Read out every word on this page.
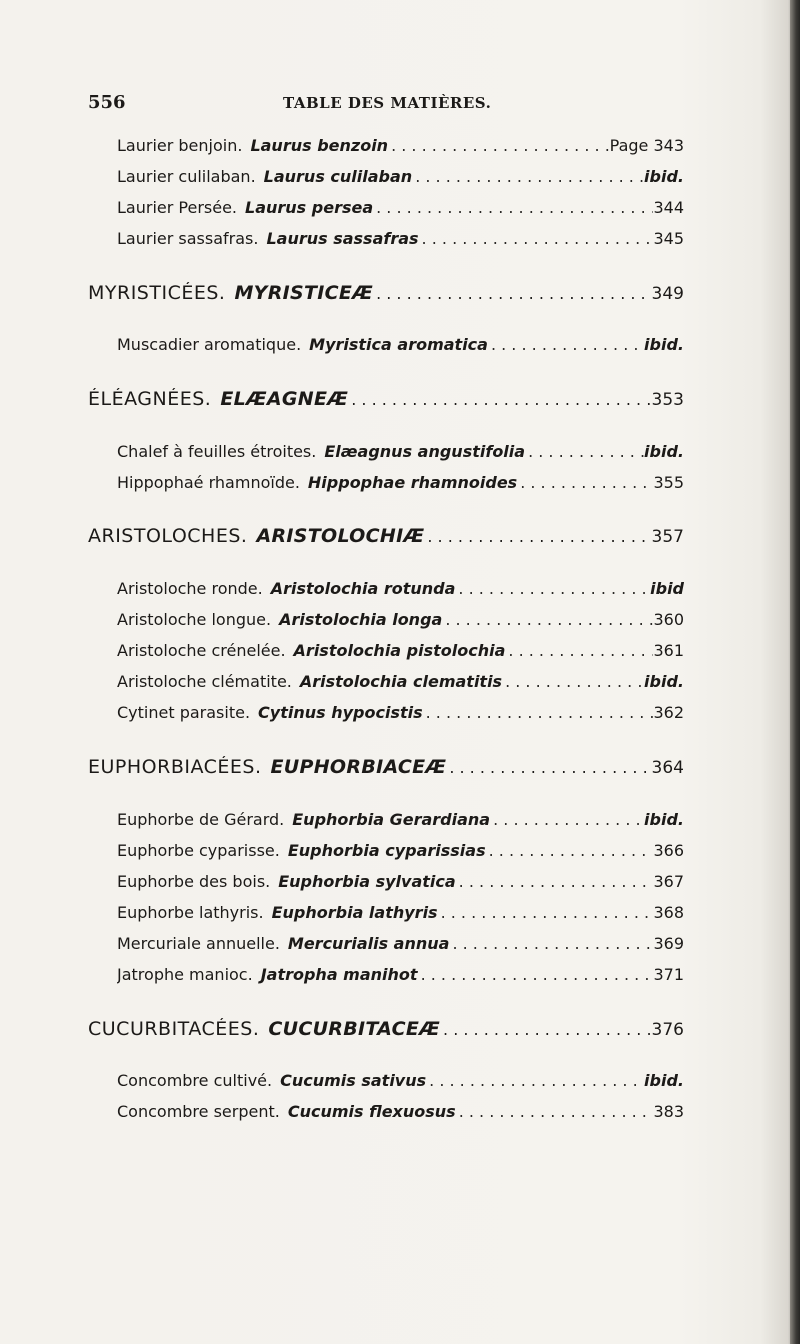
556	TABLE DES MATIÈRES.
Laurier benjoin. Laurus benzoin . . .	Page 343
Laurier culilaban. Laurus culilaban . . .	ibid.
Laurier Persée. Laurus persea . . .	344
Laurier sassafras. Laurus sassafras . . .	345
MYRISTICÉES. MYRISTICEÆ . . .	349
Muscadier aromatique. Myristica aromatica . . .	ibid.
ÉLÉAGNÉES. ELÆAGNEÆ . . .	353
Chalef à feuilles étroites. Elæagnus angustifolia . . .	ibid.
Hippophaé rhamnoïde. Hippophae rhamnoides . . .	355
ARISTOLOCHES. ARISTOLOCHIÆ . . .	357
Aristoloche ronde. Aristolochia rotunda . . .	ibid
Aristoloche longue. Aristolochia longa . . .	360
Aristoloche crénelée. Aristolochia pistolochia . . .	361
Aristoloche clématite. Aristolochia clematitis . . .	ibid.
Cytinet parasite. Cytinus hypocistis . . .	362
EUPHORBIACÉES. EUPHORBIACEÆ . . .	364
Euphorbe de Gérard. Euphorbia Gerardiana . . .	ibid.
Euphorbe cyparisse. Euphorbia cyparissias . . .	366
Euphorbe des bois. Euphorbia sylvatica . . .	367
Euphorbe lathyris. Euphorbia lathyris . . .	368
Mercuriale annuelle. Mercurialis annua . . .	369
Jatrophe manioc. Jatropha manihot . . .	371
CUCURBITACÉES. CUCURBITACEÆ . . .	376
Concombre cultivé. Cucumis sativus . . .	ibid.
Concombre serpent. Cucumis flexuosus . . .	383
